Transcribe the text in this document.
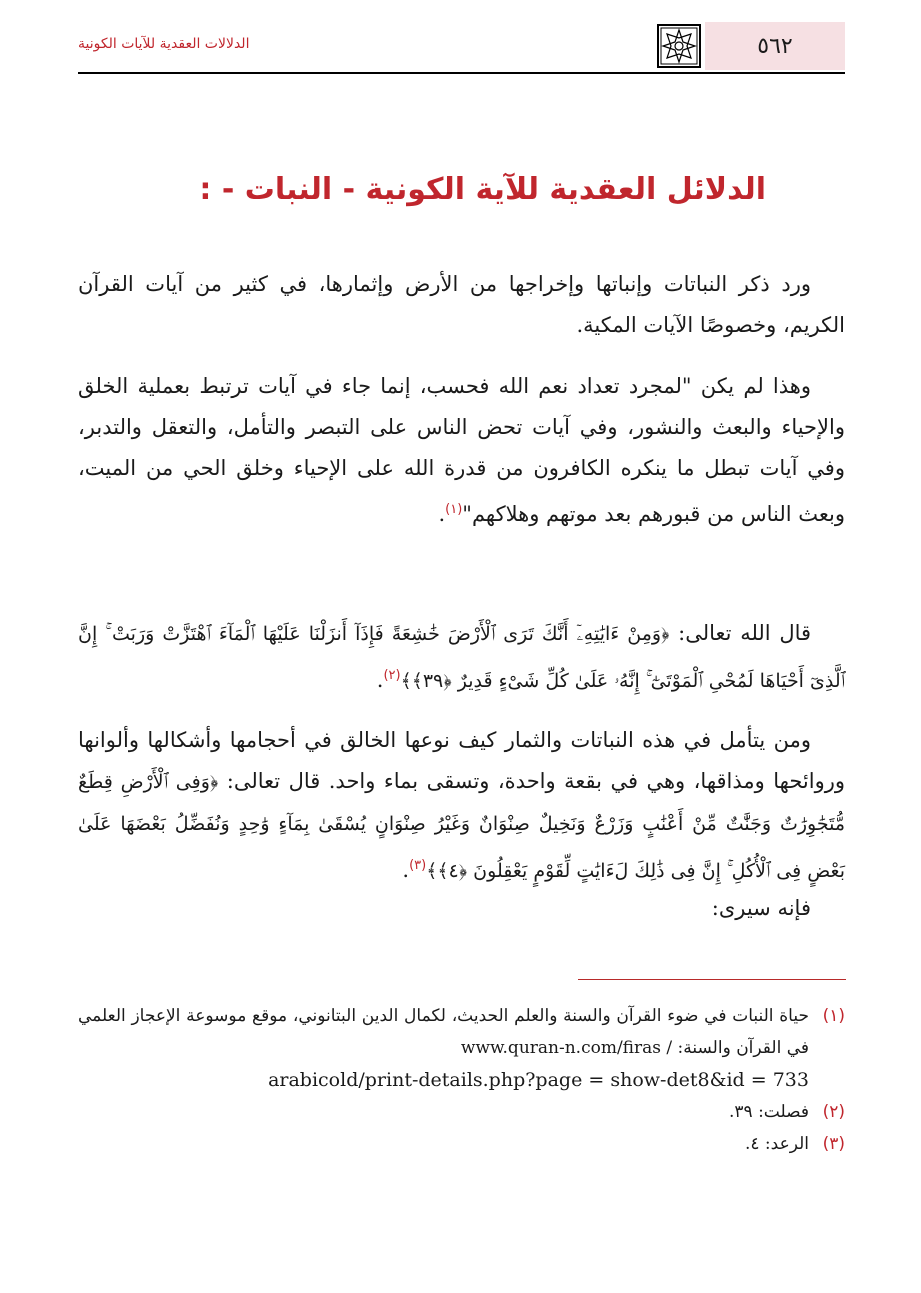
٥٦٢
الدلالات العقدية للآيات الكونية
الدلائل العقدية للآية الكونية - النبات - :

ورد ذكر النباتات وإنباتها وإخراجها من الأرض وإثمارها، في كثير من آيات القرآن الكريم، وخصوصًا الآيات المكية.

وهذا لم يكن "لمجرد تعداد نعم الله فحسب، إنما جاء في آيات ترتبط بعملية الخلق والإحياء والبعث والنشور، وفي آيات تحض الناس على التبصر والتأمل، والتعقل والتدبر، وفي آيات تبطل ما ينكره الكافرون من قدرة الله على الإحياء وخلق الحي من الميت، وبعث الناس من قبورهم بعد موتهم وهلاكهم"$^{(١)}$.

قال الله تعالى: ﴿وَمِنْ ءَايَٰتِهِۦٓ أَنَّكَ تَرَى ٱلْأَرْضَ خَٰشِعَةً فَإِذَآ أَنزَلْنَا عَلَيْهَا ٱلْمَآءَ ٱهْتَزَّتْ وَرَبَتْ ۚ إِنَّ ٱلَّذِىٓ أَحْيَاهَا لَمُحْىِ ٱلْمَوْتَىٰٓ ۚ إِنَّهُۥ عَلَىٰ كُلِّ شَىْءٍ قَدِيرٌ ﴿٣٩﴾﴾$^{(٢)}$.

ومن يتأمل في هذه النباتات والثمار كيف نوعها الخالق في أحجامها وأشكالها وألوانها وروائحها ومذاقها، وهي في بقعة واحدة، وتسقى بماء واحد. قال تعالى: ﴿وَفِى ٱلْأَرْضِ قِطَعٌ مُّتَجَٰوِرَٰتٌ وَجَنَّٰتٌ مِّنْ أَعْنَٰبٍ وَزَرْعٌ وَنَخِيلٌ صِنْوَانٌ وَغَيْرُ صِنْوَانٍ يُسْقَىٰ بِمَآءٍ وَٰحِدٍ وَنُفَضِّلُ بَعْضَهَا عَلَىٰ بَعْضٍ فِى ٱلْأُكُلِ ۚ إِنَّ فِى ذَٰلِكَ لَءَايَٰتٍ لِّقَوْمٍ يَعْقِلُونَ ﴿٤﴾﴾$^{(٣)}$.

فإنه سيرى:

(١)
حياة النبات في ضوء القرآن والسنة والعلم الحديث، لكمال الدين البتانوني، موقع موسوعة الإعجاز العلمي في القرآن والسنة: www.quran-n.com/firas /

arabicold/print-details.php?page = show-det8&id = 733

(٢)
فصلت: ٣٩.
(٣)
الرعد: ٤.
